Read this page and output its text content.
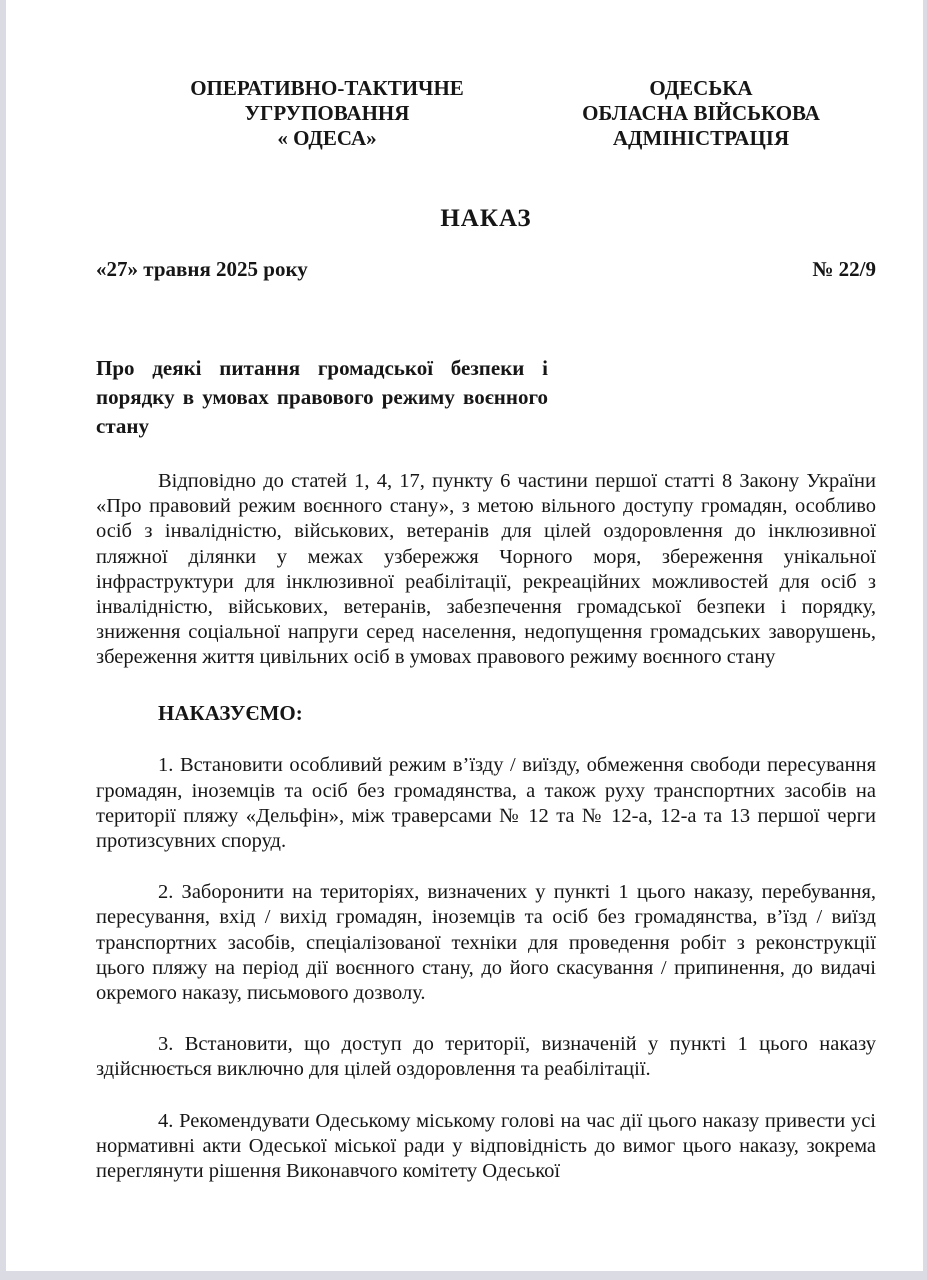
ОПЕРАТИВНО-ТАКТИЧНЕ
УГРУПОВАННЯ
« ОДЕСА»
ОДЕСЬКА
ОБЛАСНА ВІЙСЬКОВА
АДМІНІСТРАЦІЯ
НАКАЗ
«27» травня 2025 року	№ 22/9
Про деякі питання громадської безпеки і порядку в умовах правового режиму воєнного стану

Відповідно до статей 1, 4, 17, пункту 6 частини першої статті 8 Закону України «Про правовий режим воєнного стану», з метою вільного доступу громадян, особливо осіб з інвалідністю, військових, ветеранів для цілей оздоровлення до інклюзивної пляжної ділянки у межах узбережжя Чорного моря, збереження унікальної інфраструктури для інклюзивної реабілітації, рекреаційних можливостей для осіб з інвалідністю, військових, ветеранів, забезпечення громадської безпеки і порядку, зниження соціальної напруги серед населення, недопущення громадських заворушень, збереження життя цивільних осіб в умовах правового режиму воєнного стану

НАКАЗУЄМО:

1. Встановити особливий режим в’їзду / виїзду, обмеження свободи пересування громадян, іноземців та осіб без громадянства, а також руху транспортних засобів на території пляжу «Дельфін», між траверсами № 12 та № 12-а, 12-а та 13 першої черги протизсувних споруд.

2. Заборонити на територіях, визначених у пункті 1 цього наказу, перебування, пересування, вхід / вихід громадян, іноземців та осіб без громадянства, в’їзд / виїзд транспортних засобів, спеціалізованої техніки для проведення робіт з реконструкції цього пляжу на період дії воєнного стану, до його скасування / припинення, до видачі окремого наказу, письмового дозволу.

3. Встановити, що доступ до території, визначеній у пункті 1 цього наказу здійснюється виключно для цілей оздоровлення та реабілітації.

4. Рекомендувати Одеському міському голові на час дії цього наказу привести усі нормативні акти Одеської міської ради у відповідність до вимог цього наказу, зокрема переглянути рішення Виконавчого комітету Одеської
